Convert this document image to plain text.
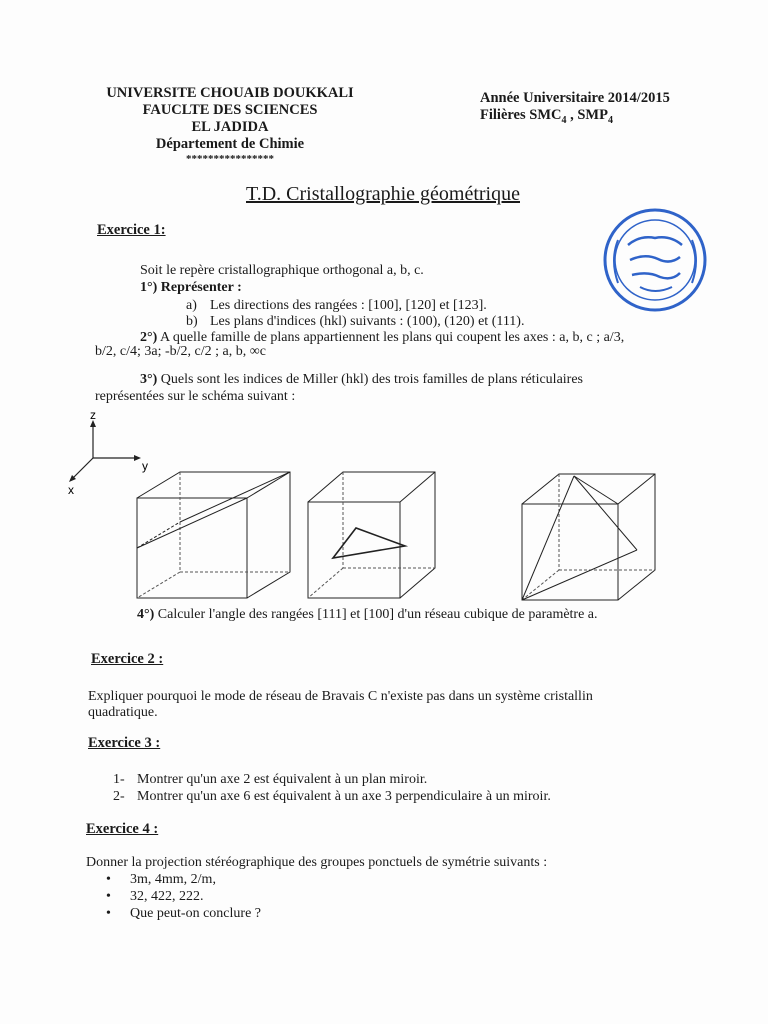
UNIVERSITE CHOUAIB DOUKKALI
FAUCLTE DES SCIENCES
EL JADIDA
Département de Chimie
****************
Année Universitaire 2014/2015
Filières $SMC_4$ , $SMP_4$
T.D. Cristallographie géométrique
Exercice 1:
Soit le repère cristallographique orthogonal a, b, c.
1°) Représenter :
a) Les directions des rangées : [100], [120] et [123].
b) Les plans d'indices (hkl) suivants : (100), (120) et (111).
2°) A quelle famille de plans appartiennent les plans qui coupent les axes : a, b, c ; a/3,
b/2, c/4; 3a; -b/2, c/2 ; a, b, ∞c
3°) Quels sont les indices de Miller (hkl) des trois familles de plans réticulaires
représentées sur le schéma suivant :
z
y
x
4°) Calculer l'angle des rangées [111] et [100] d'un réseau cubique de paramètre a.
Exercice 2 :
Expliquer pourquoi le mode de réseau de Bravais C n'existe pas dans un système cristallin
quadratique.
Exercice 3 :
1- Montrer qu'un axe 2 est équivalent à un plan miroir.
2- Montrer qu'un axe 6 est équivalent à un axe 3 perpendiculaire à un miroir.
Exercice 4 :
Donner la projection stéréographique des groupes ponctuels de symétrie suivants :
• 3m, 4mm, 2/m,
• 32, 422, 222.
• Que peut-on conclure ?
